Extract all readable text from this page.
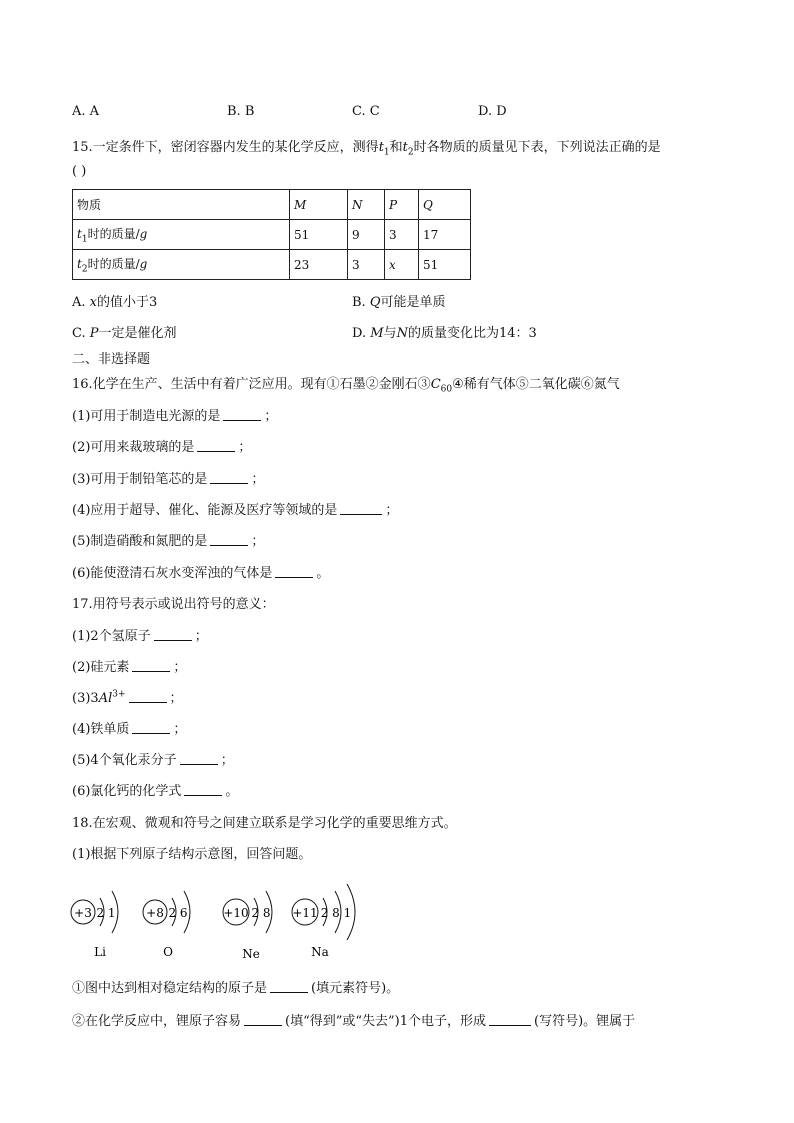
A. A	B. B	C. C	D. D
15.一定条件下，密闭容器内发生的某化学反应，测得$t_1$和$t_2$时各物质的质量见下表，下列说法正确的是
( )
物质	M	N	P	Q
$t_1$时的质量/g	51	9	3	17
$t_2$时的质量/g	23	3	x	51
A. x的值小于3	B. Q可能是单质
C. P一定是催化剂	D. M与N的质量变化比为14：3
二、非选择题
16.化学在生产、生活中有着广泛应用。现有①石墨②金刚石$③C_{60}④$稀有气体⑤二氧化碳⑥氮气
(1)可用于制造电光源的是	；
(2)可用来裁玻璃的是	；
(3)可用于制铅笔芯的是	；
(4)应用于超导、催化、能源及医疗等领域的是	；
(5)制造硝酸和氮肥的是	；
(6)能使澄清石灰水变浑浊的气体是	。
17.用符号表示或说出符号的意义：
(1)2个氢原子	；
(2)硅元素	；
$(3)3Al^{3+}$	；
(4)铁单质	；
(5)4个氧化汞分子	；
(6)氯化钙的化学式	。
18.在宏观、微观和符号之间建立联系是学习化学的重要思维方式。
(1)根据下列原子结构示意图，回答问题。
+3 2 1
Li
+8 2 6
O
+10 2 8
Ne
+11 2 8 1
Na
①图中达到相对稳定结构的原子是	(填元素符号)。
②在化学反应中，锂原子容易	(填“得到”或“失去”)1个电子，形成	(写符号)。锂属于
